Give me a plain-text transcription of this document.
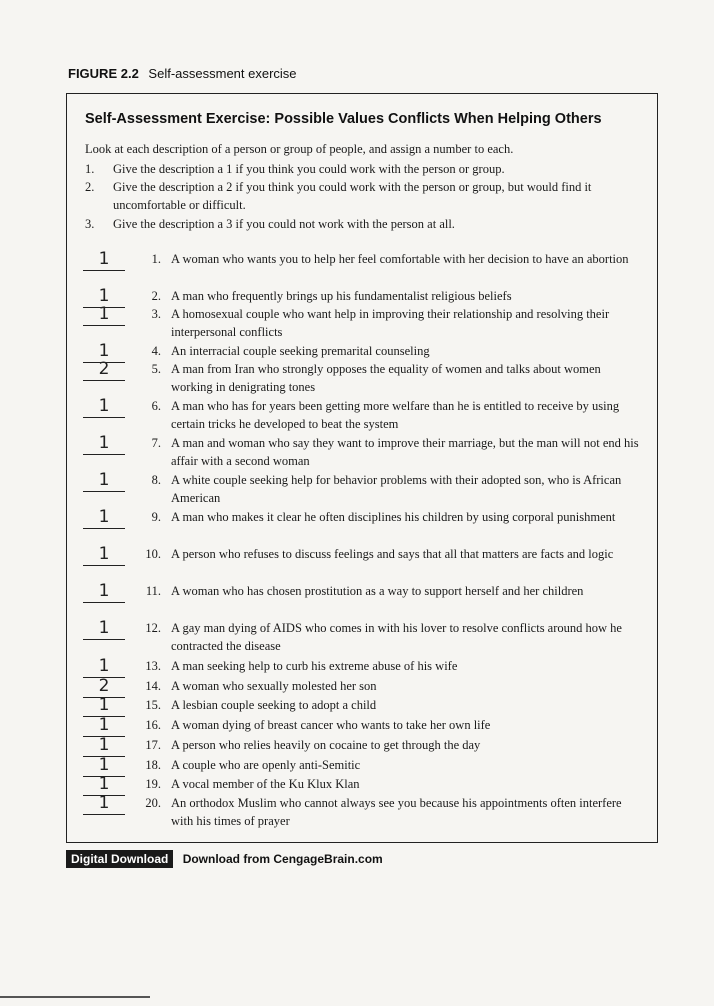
FIGURE 2.2 Self-assessment exercise
Self-Assessment Exercise: Possible Values Conflicts When Helping Others
Look at each description of a person or group of people, and assign a number to each.
1. Give the description a 1 if you think you could work with the person or group.
2. Give the description a 2 if you think you could work with the person or group, but would find it uncomfortable or difficult.
3. Give the description a 3 if you could not work with the person at all.
1	1. A woman who wants you to help her feel comfortable with her decision to have an abortion
1	2. A man who frequently brings up his fundamentalist religious beliefs
1	3. A homosexual couple who want help in improving their relationship and resolving their interpersonal conflicts
1	4. An interracial couple seeking premarital counseling
2	5. A man from Iran who strongly opposes the equality of women and talks about women working in denigrating tones
1	6. A man who has for years been getting more welfare than he is entitled to receive by using certain tricks he developed to beat the system
1	7. A man and woman who say they want to improve their marriage, but the man will not end his affair with a second woman
1	8. A white couple seeking help for behavior problems with their adopted son, who is African American
1	9. A man who makes it clear he often disciplines his children by using corporal punishment
1	10. A person who refuses to discuss feelings and says that all that matters are facts and logic
1	11. A woman who has chosen prostitution as a way to support herself and her children
1	12. A gay man dying of AIDS who comes in with his lover to resolve conflicts around how he contracted the disease
1	13. A man seeking help to curb his extreme abuse of his wife
2	14. A woman who sexually molested her son
1	15. A lesbian couple seeking to adopt a child
1	16. A woman dying of breast cancer who wants to take her own life
1	17. A person who relies heavily on cocaine to get through the day
1	18. A couple who are openly anti-Semitic
1	19. A vocal member of the Ku Klux Klan
1	20. An orthodox Muslim who cannot always see you because his appointments often interfere with his times of prayer
Digital Download Download from CengageBrain.com
